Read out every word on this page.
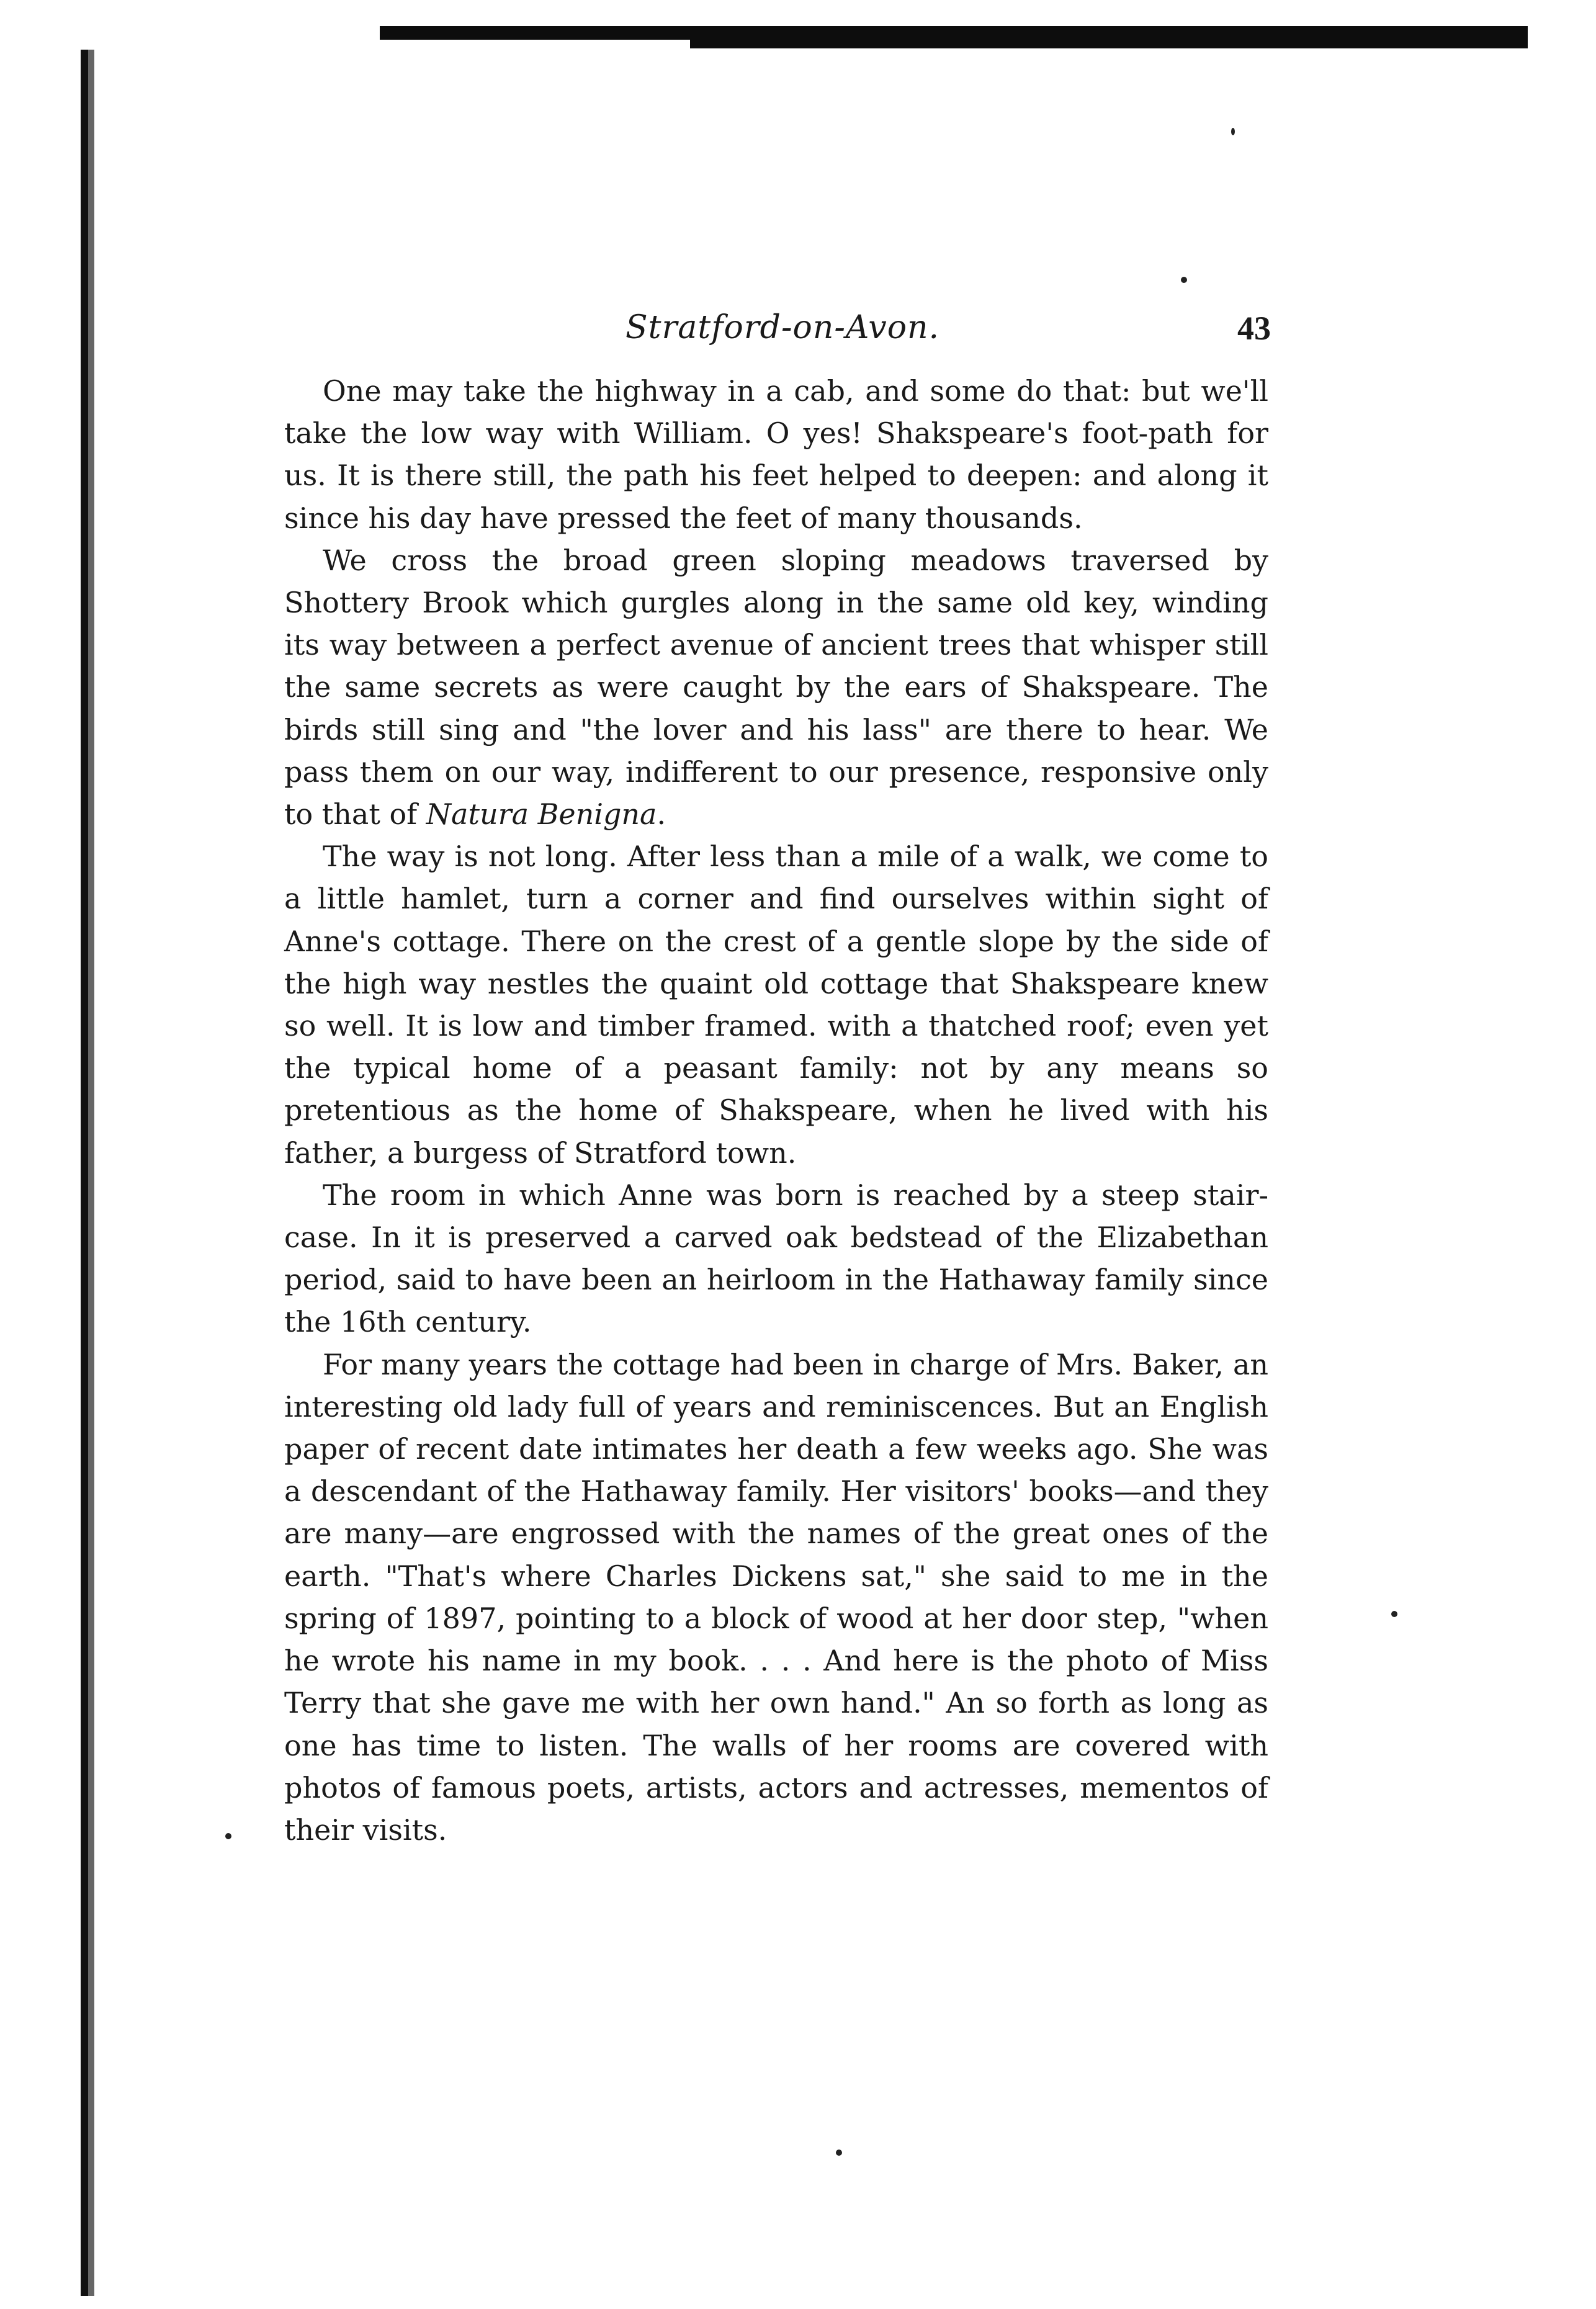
Stratford-on-Avon.	43

One may take the highway in a cab, and some do that: but we'll take the low way with William. O yes! Shakspeare's foot-path for us. It is there still, the path his feet helped to deepen: and along it since his day have pressed the feet of many thousands.

We cross the broad green sloping meadows traversed by Shottery Brook which gurgles along in the same old key, winding its way between a perfect avenue of ancient trees that whisper still the same secrets as were caught by the ears of Shakspeare. The birds still sing and "the lover and his lass" are there to hear. We pass them on our way, indifferent to our presence, responsive only to that of Natura Benigna.

The way is not long. After less than a mile of a walk, we come to a little hamlet, turn a corner and find ourselves within sight of Anne's cottage. There on the crest of a gentle slope by the side of the high way nestles the quaint old cottage that Shakspeare knew so well. It is low and timber framed. with a thatched roof; even yet the typical home of a peasant family: not by any means so pretentious as the home of Shakspeare, when he lived with his father, a burgess of Stratford town.

The room in which Anne was born is reached by a steep stair-case. In it is preserved a carved oak bedstead of the Elizabethan period, said to have been an heirloom in the Hathaway family since the 16th century.

For many years the cottage had been in charge of Mrs. Baker, an interesting old lady full of years and reminiscences. But an English paper of recent date intimates her death a few weeks ago. She was a descendant of the Hathaway family. Her visitors' books—and they are many—are engrossed with the names of the great ones of the earth. "That's where Charles Dickens sat," she said to me in the spring of 1897, pointing to a block of wood at her door step, "when he wrote his name in my book. . . . And here is the photo of Miss Terry that she gave me with her own hand." An so forth as long as one has time to listen. The walls of her rooms are covered with photos of famous poets, artists, actors and actresses, mementos of their visits.
